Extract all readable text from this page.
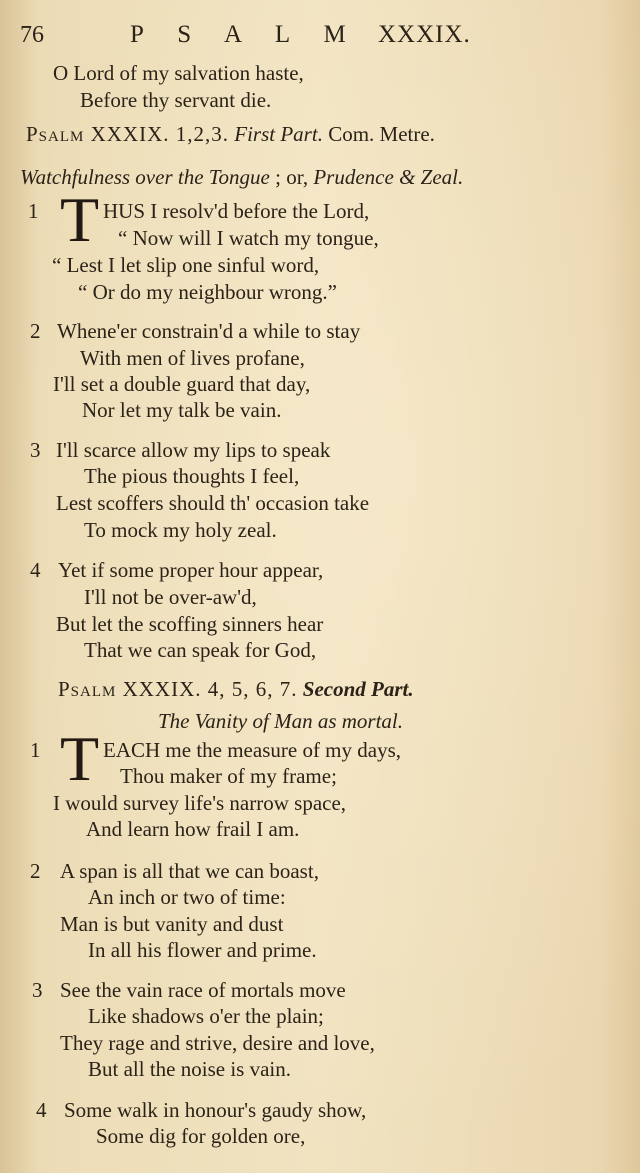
76	P S A L M XXXIX.
O Lord of my salvation haste,
Before thy servant die.
Psalm XXXIX. 1,2,3. First Part. Com. Metre.
Watchfulness over the Tongue ; or, Prudence & Zeal.
1 T HUS I resolv'd before the Lord,
“ Now will I watch my tongue,
“ Lest I let slip one sinful word,
“ Or do my neighbour wrong.”
2 Whene'er constrain'd a while to stay
With men of lives profane,
I'll set a double guard that day,
Nor let my talk be vain.
3 I'll scarce allow my lips to speak
The pious thoughts I feel,
Lest scoffers should th' occasion take
To mock my holy zeal.
4 Yet if some proper hour appear,
I'll not be over-aw'd,
But let the scoffing sinners hear
That we can speak for God,
Psalm XXXIX. 4, 5, 6, 7. Second Part.
The Vanity of Man as mortal.
1 T EACH me the measure of my days,
Thou maker of my frame;
I would survey life's narrow space,
And learn how frail I am.
2 A span is all that we can boast,
An inch or two of time:
Man is but vanity and dust
In all his flower and prime.
3 See the vain race of mortals move
Like shadows o'er the plain;
They rage and strive, desire and love,
But all the noise is vain.
4 Some walk in honour's gaudy show,
Some dig for golden ore,
